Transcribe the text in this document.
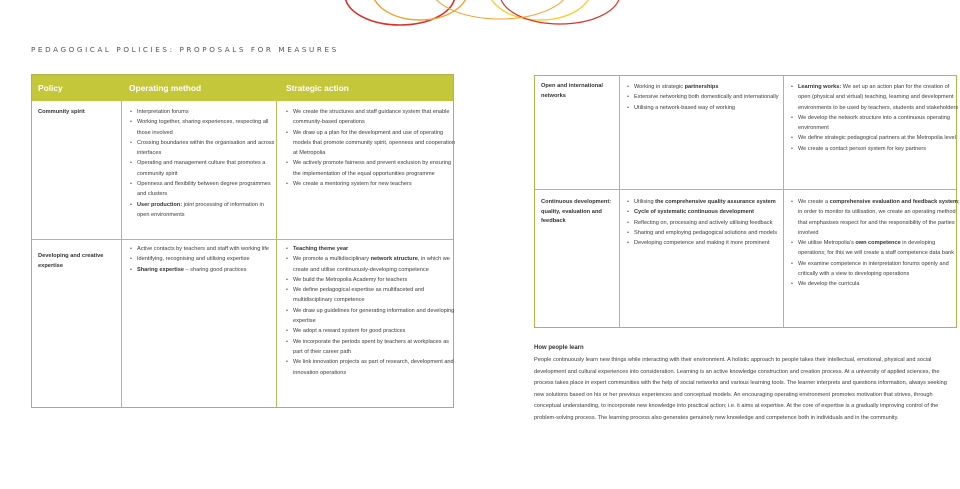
PEDAGOGICAL POLICIES: PROPOSALS FOR MEASURES
Policy	Operating method	Strategic action
Community spirit
•	Interpretation forums
• Working together, sharing experiences, respecting all those involved
• Crossing boundaries within the organisation and across interfaces
• Operating and management culture that promotes a community spirit
• Openness and flexibility between degree programmes and clusters
• User production: joint processing of information in open environments
• We create the structures and staff guidance system that enable community-based operations
• We draw up a plan for the development and use of operating models that promote community spirit, openness and cooperation at Metropolia
• We actively promote fairness and prevent exclusion by ensuring the implementation of the equal opportunities programme
• We create a mentoring system for new teachers
Developing and creative expertise
• Active contacts by teachers and staff with working life
• Identifying, recognising and utilising expertise
• Sharing expertise – sharing good practices
• Teaching theme year
• We promote a multidisciplinary network structure, in which we create and utilise continuously-developing competence
• We build the Metropolia Academy for teachers
• We define pedagogical expertise as multifaceted and multidisciplinary competence
• We draw up guidelines for generating information and developing expertise
• We adopt a reward system for good practices
• We incorporate the periods spent by teachers at workplaces as part of their career path
• We link innovation projects as part of research, development and innovation operations
Open and international networks
• Working in strategic partnerships
• Extensive networking both domestically and internationally
• Utilising a network-based way of working
• Learning works: We set up an action plan for the creation of open (physical and virtual) teaching, learning and development environments to be used by teachers, students and stakeholders
• We develop the network structure into a continuous operating environment
• We define strategic pedagogical partners at the Metropolia level
• We create a contact person system for key partners
Continuous development: quality, evaluation and feedback
• Utilising the comprehensive quality assurance system
• Cycle of systematic continuous development
• Reflecting on, processing and actively utilising feedback
• Sharing and employing pedagogical solutions and models
• Developing competence and making it more prominent
• We create a comprehensive evaluation and feedback system; in order to monitor its utilisation, we create an operating method that emphasises respect for and the responsibility of the parties involved
• We utilise Metropolia’s own competence in developing operations; for this we will create a staff competence data bank
• We examine competence in interpretation forums openly and critically with a view to developing operations
• We develop the curricula
How people learn

People continuously learn new things while interacting with their environment. A holistic approach to people takes their intellectual, emotional, physical and social development and cultural experiences into consideration. Learning is an active knowledge construction and creation process. At a university of applied sciences, the process takes place in expert communities with the help of social networks and various learning tools. The learner interprets and questions information, always seeking new solutions based on his or her previous experiences and conceptual models. An encouraging operating environment promotes motivation that strives, through conceptual understanding, to incorporate new knowledge into practical action; i.e. it aims at expertise. At the core of expertise is a gradually improving control of the problem-solving process. The learning process also generates genuinely new knowledge and competence both in individuals and in the community.
